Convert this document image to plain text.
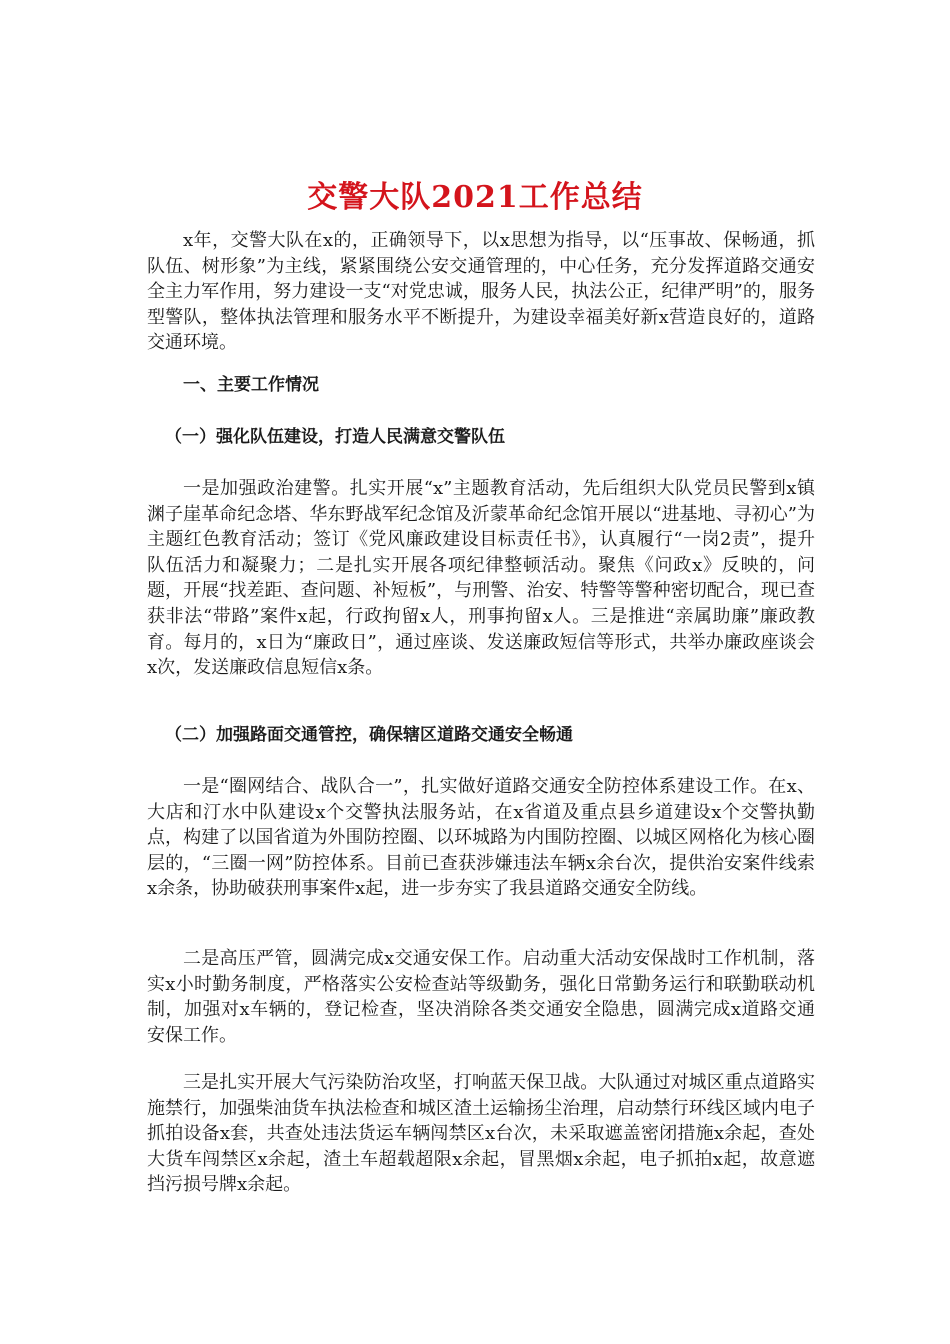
交警大队2021工作总结

x年，交警大队在x的，正确领导下，以x思想为指导，以“压事故、保畅通，抓队伍、树形象”为主线，紧紧围绕公安交通管理的，中心任务，充分发挥道路交通安全主力军作用，努力建设一支“对党忠诚，服务人民，执法公正，纪律严明”的，服务型警队，整体执法管理和服务水平不断提升，为建设幸福美好新x营造良好的，道路交通环境。

一、主要工作情况

（一）强化队伍建设，打造人民满意交警队伍

一是加强政治建警。扎实开展“x”主题教育活动，先后组织大队党员民警到x镇渊子崖革命纪念塔、华东野战军纪念馆及沂蒙革命纪念馆开展以“进基地、寻初心”为主题红色教育活动；签订《党风廉政建设目标责任书》，认真履行“一岗2责”，提升队伍活力和凝聚力；二是扎实开展各项纪律整顿活动。聚焦《问政x》反映的，问题，开展“找差距、查问题、补短板”，与刑警、治安、特警等警种密切配合，现已查获非法“带路”案件x起，行政拘留x人，刑事拘留x人。三是推进“亲属助廉”廉政教育。每月的，x日为“廉政日”，通过座谈、发送廉政短信等形式，共举办廉政座谈会x次，发送廉政信息短信x条。

（二）加强路面交通管控，确保辖区道路交通安全畅通

一是“圈网结合、战队合一”，扎实做好道路交通安全防控体系建设工作。在x、大店和汀水中队建设x个交警执法服务站，在x省道及重点县乡道建设x个交警执勤点，构建了以国省道为外围防控圈、以环城路为内围防控圈、以城区网格化为核心圈层的，“三圈一网”防控体系。目前已查获涉嫌违法车辆x余台次，提供治安案件线索x余条，协助破获刑事案件x起，进一步夯实了我县道路交通安全防线。

二是高压严管，圆满完成x交通安保工作。启动重大活动安保战时工作机制，落实x小时勤务制度，严格落实公安检查站等级勤务，强化日常勤务运行和联勤联动机制，加强对x车辆的，登记检查，坚决消除各类交通安全隐患，圆满完成x道路交通安保工作。

三是扎实开展大气污染防治攻坚，打响蓝天保卫战。大队通过对城区重点道路实施禁行，加强柴油货车执法检查和城区渣土运输扬尘治理，启动禁行环线区域内电子抓拍设备x套，共查处违法货运车辆闯禁区x台次，未采取遮盖密闭措施x余起，查处大货车闯禁区x余起，渣土车超载超限x余起，冒黑烟x余起，电子抓拍x起，故意遮挡污损号牌x余起。
